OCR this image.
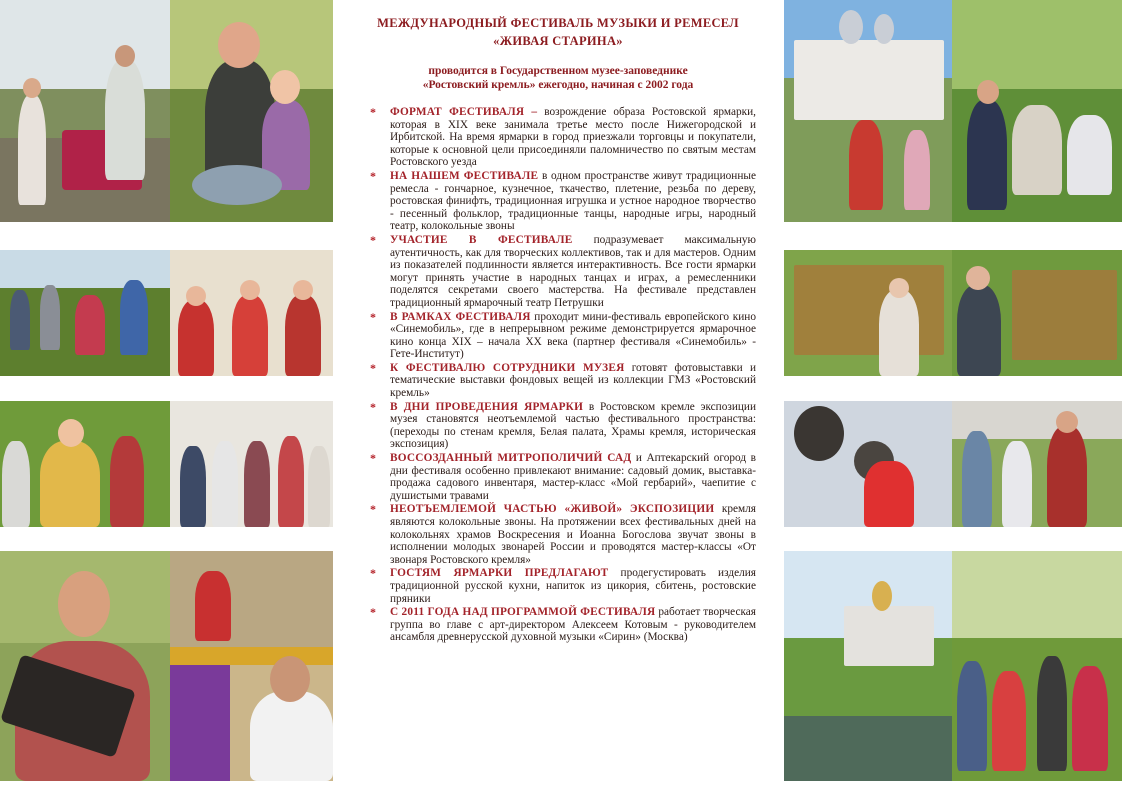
МЕЖДУНАРОДНЫЙ ФЕСТИВАЛЬ МУЗЫКИ И РЕМЕСЕЛ
«ЖИВАЯ СТАРИНА»
проводится в Государственном музее-заповеднике
«Ростовский кремль» ежегодно, начиная с 2002 года
* ФОРМАТ ФЕСТИВАЛЯ – возрождение образа Ростовской ярмарки, которая в XIX веке занимала третье место после Нижегородской и Ирбитской. На время ярмарки в город приезжали торговцы и покупатели, которые к основной цели присоединяли паломничество по святым местам Ростовского уезда
* НА НАШЕМ ФЕСТИВАЛЕ в одном пространстве живут традиционные ремесла - гончарное, кузнечное, ткачество, плетение, резьба по дереву, ростовская финифть, традиционная игрушка и устное народное творчество - песенный фольклор, традиционные танцы, народные игры, народный театр, колокольные звоны
* УЧАСТИЕ В ФЕСТИВАЛЕ подразумевает максимальную аутентичность, как для творческих коллективов, так и для мастеров. Одним из показателей подлинности является интерактивность. Все гости ярмарки могут принять участие в народных танцах и играх, а ремесленники поделятся секретами своего мастерства. На фестивале представлен традиционный ярмарочный театр Петрушки
* В РАМКАХ ФЕСТИВАЛЯ проходит мини-фестиваль европейского кино «Синемобиль», где в непрерывном режиме демонстрируется ярмарочное кино конца XIX – начала XX века (партнер фестиваля «Синемобиль» - Гете-Институт)
* К ФЕСТИВАЛЮ СОТРУДНИКИ МУЗЕЯ готовят фотовыставки и тематические выставки фондовых вещей из коллекции ГМЗ «Ростовский кремль»
* В ДНИ ПРОВЕДЕНИЯ ЯРМАРКИ в Ростовском кремле экспозиции музея становятся неотъемлемой частью фестивального пространства: (переходы по стенам кремля, Белая палата, Храмы кремля, историческая экспозиция)
* ВОССОЗДАННЫЙ МИТРОПОЛИЧИЙ САД и Аптекарский огород в дни фестиваля особенно привлекают внимание: садовый домик, выставка-продажа садового инвентаря, мастер-класс «Мой гербарий», чаепитие с душистыми травами
* НЕОТЪЕМЛЕМОЙ ЧАСТЬЮ «ЖИВОЙ» ЭКСПОЗИЦИИ кремля являются колокольные звоны. На протяжении всех фестивальных дней на колокольнях храмов Воскресения и Иоанна Богослова звучат звоны в исполнении молодых звонарей России и проводятся мастер-классы «От звонаря Ростовского кремля»
* ГОСТЯМ ЯРМАРКИ ПРЕДЛАГАЮТ продегустировать изделия традиционной русской кухни, напиток из цикория, сбитень, ростовские пряники
* С 2011 ГОДА НАД ПРОГРАММОЙ ФЕСТИВАЛЯ работает творческая группа во главе с арт-директором Алексеем Котовым - руководителем ансамбля древнерусской духовной музыки «Сирин» (Москва)
